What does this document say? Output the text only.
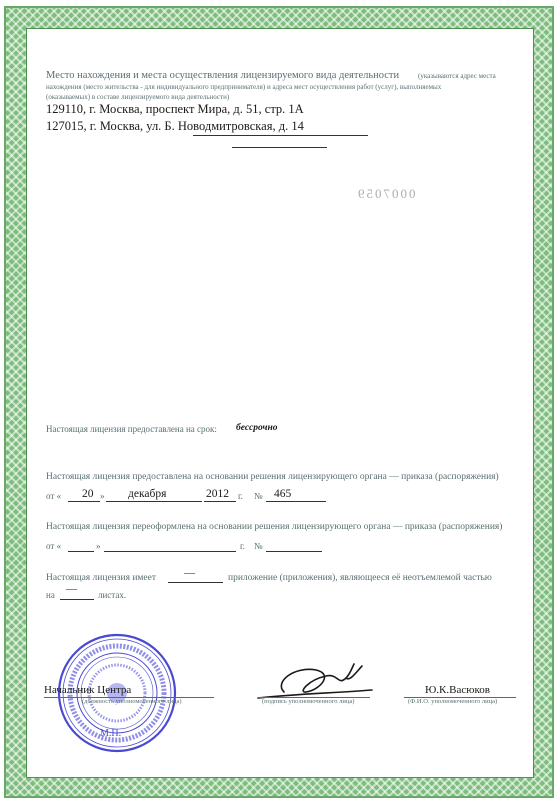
Место нахождения и места осуществления лицензируемого вида деятельности	(указываются адрес места
нахождения (место жительства - для индивидуального предпринимателя) и адреса мест осуществления работ (услуг), выполняемых
(оказываемых) в составе лицензируемого вида деятельности)
129110, г. Москва, проспект Мира, д. 51, стр. 1А
127015, г. Москва, ул. Б. Новодмитровская, д. 14
0007059
Настоящая лицензия предоставлена на срок: бессрочно
Настоящая лицензия предоставлена на основании решения лицензирующего органа — приказа (распоряжения)
от « 20 » декабря	2012 г. № 465
Настоящая лицензия переоформлена на основании решения лицензирующего органа — приказа (распоряжения)
от «	»	г. №
Настоящая лицензия имеет	—	приложение (приложения), являющееся её неотъемлемой частью
на — листах.
М.П.
Начальник Центра
(должность уполномоченного лица)	(подпись уполномоченного лица)
Ю.К.Васюков
(Ф.И.О. уполномоченного лица)
